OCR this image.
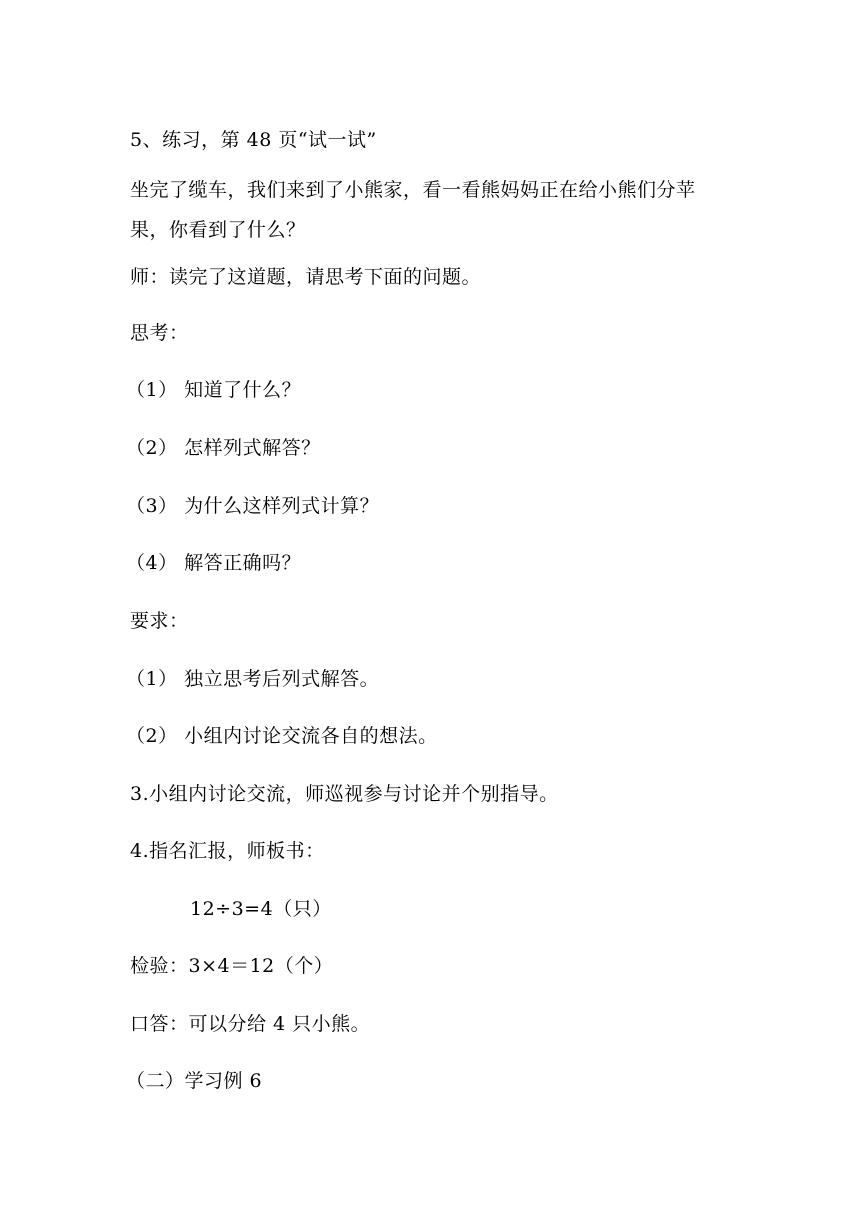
5、练习，第 48 页“试一试”
坐完了缆车，我们来到了小熊家，看一看熊妈妈正在给小熊们分苹
果，你看到了什么？
师：读完了这道题，请思考下面的问题。
思考：
（1） 知道了什么？
（2） 怎样列式解答？
（3） 为什么这样列式计算？
（4） 解答正确吗？
要求：
（1） 独立思考后列式解答。
（2） 小组内讨论交流各自的想法。
3.小组内讨论交流，师巡视参与讨论并个别指导。
4.指名汇报，师板书：
12÷3=4（只）
检验：3×4＝12（个）
口答：可以分给 4 只小熊。
（二）学习例 6
